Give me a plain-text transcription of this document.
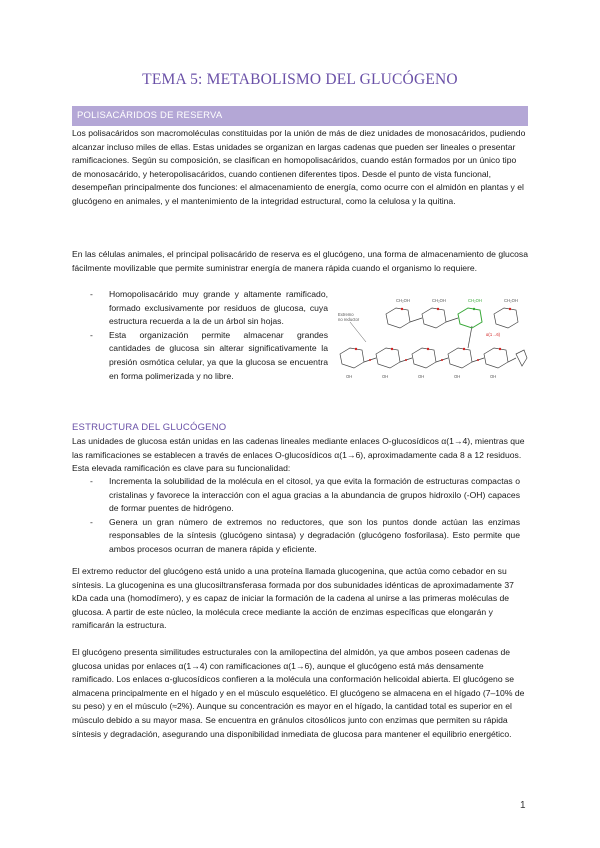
TEMA 5: METABOLISMO DEL GLUCÓGENO
POLISACÁRIDOS DE RESERVA

Los polisacáridos son macromoléculas constituidas por la unión de más de diez unidades de monosacáridos, pudiendo alcanzar incluso miles de ellas. Estas unidades se organizan en largas cadenas que pueden ser lineales o presentar ramificaciones. Según su composición, se clasifican en homopolisacáridos, cuando están formados por un único tipo de monosacárido, y heteropolisacáridos, cuando contienen diferentes tipos. Desde el punto de vista funcional, desempeñan principalmente dos funciones: el almacenamiento de energía, como ocurre con el almidón en plantas y el glucógeno en animales, y el mantenimiento de la integridad estructural, como la celulosa y la quitina.

En las células animales, el principal polisacárido de reserva es el glucógeno, una forma de almacenamiento de glucosa fácilmente movilizable que permite suministrar energía de manera rápida cuando el organismo lo requiere.

- Homopolisacárido muy grande y altamente ramificado, formado exclusivamente por residuos de glucosa, cuya estructura recuerda a la de un árbol sin hojas.
- Esta organización permite almacenar grandes cantidades de glucosa sin alterar significativamente la presión osmótica celular, ya que la glucosa se encuentra en forma polimerizada y no libre.
Extremo
no reductor
CH₂OH	CH₂OH	CH₂OH	CH₂OH
α(1→6)
OH	OH	OH	OH	OH
ESTRUCTURA DEL GLUCÓGENO

Las unidades de glucosa están unidas en las cadenas lineales mediante enlaces O-glucosídicos α(1→4), mientras que las ramificaciones se establecen a través de enlaces O-glucosídicos α(1→6), aproximadamente cada 8 a 12 residuos. Esta elevada ramificación es clave para su funcionalidad:

- Incrementa la solubilidad de la molécula en el citosol, ya que evita la formación de estructuras compactas o cristalinas y favorece la interacción con el agua gracias a la abundancia de grupos hidroxilo (-OH) capaces de formar puentes de hidrógeno.
- Genera un gran número de extremos no reductores, que son los puntos donde actúan las enzimas responsables de la síntesis (glucógeno sintasa) y degradación (glucógeno fosforilasa). Esto permite que ambos procesos ocurran de manera rápida y eficiente.

El extremo reductor del glucógeno está unido a una proteína llamada glucogenina, que actúa como cebador en su síntesis. La glucogenina es una glucosiltransferasa formada por dos subunidades idénticas de aproximadamente 37 kDa cada una (homodímero), y es capaz de iniciar la formación de la cadena al unirse a las primeras moléculas de glucosa. A partir de este núcleo, la molécula crece mediante la acción de enzimas específicas que elongarán y ramificarán la estructura.

El glucógeno presenta similitudes estructurales con la amilopectina del almidón, ya que ambos poseen cadenas de glucosa unidas por enlaces α(1→4) con ramificaciones α(1→6), aunque el glucógeno está más densamente ramificado. Los enlaces α-glucosídicos confieren a la molécula una conformación helicoidal abierta. El glucógeno se almacena principalmente en el hígado y en el músculo esquelético. El glucógeno se almacena en el hígado (7–10% de su peso) y en el músculo (≈2%). Aunque su concentración es mayor en el hígado, la cantidad total es superior en el músculo debido a su mayor masa. Se encuentra en gránulos citosólicos junto con enzimas que permiten su rápida síntesis y degradación, asegurando una disponibilidad inmediata de glucosa para mantener el equilibrio energético.

1
